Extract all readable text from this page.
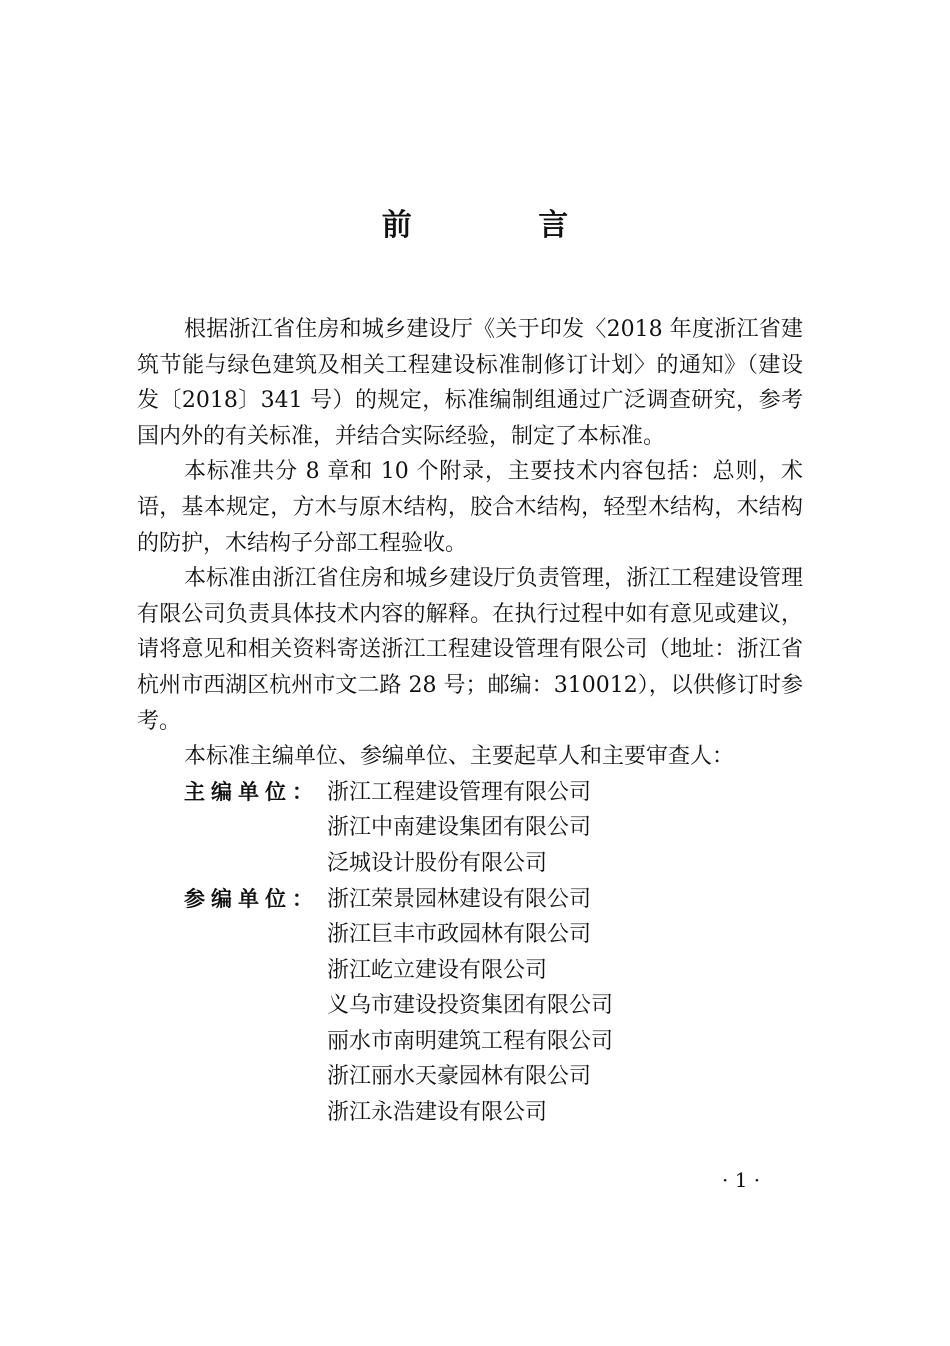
前 言

根据浙江省住房和城乡建设厅《关于印发〈2018 年度浙江省建筑节能与绿色建筑及相关工程建设标准制修订计划〉的通知》（建设发〔2018〕341 号）的规定，标准编制组通过广泛调查研究，参考国内外的有关标准，并结合实际经验，制定了本标准。

本标准共分 8 章和 10 个附录，主要技术内容包括：总则，术语，基本规定，方木与原木结构，胶合木结构，轻型木结构，木结构的防护，木结构子分部工程验收。

本标准由浙江省住房和城乡建设厅负责管理，浙江工程建设管理有限公司负责具体技术内容的解释。在执行过程中如有意见或建议，请将意见和相关资料寄送浙江工程建设管理有限公司（地址：浙江省杭州市西湖区杭州市文二路 28 号；邮编：310012），以供修订时参考。

本标准主编单位、参编单位、主要起草人和主要审查人：

主编单位： 浙江工程建设管理有限公司
浙江中南建设集团有限公司
泛城设计股份有限公司
参编单位： 浙江荣景园林建设有限公司
浙江巨丰市政园林有限公司
浙江屹立建设有限公司
义乌市建设投资集团有限公司
丽水市南明建筑工程有限公司
浙江丽水天豪园林有限公司
浙江永浩建设有限公司
· 1 ·
